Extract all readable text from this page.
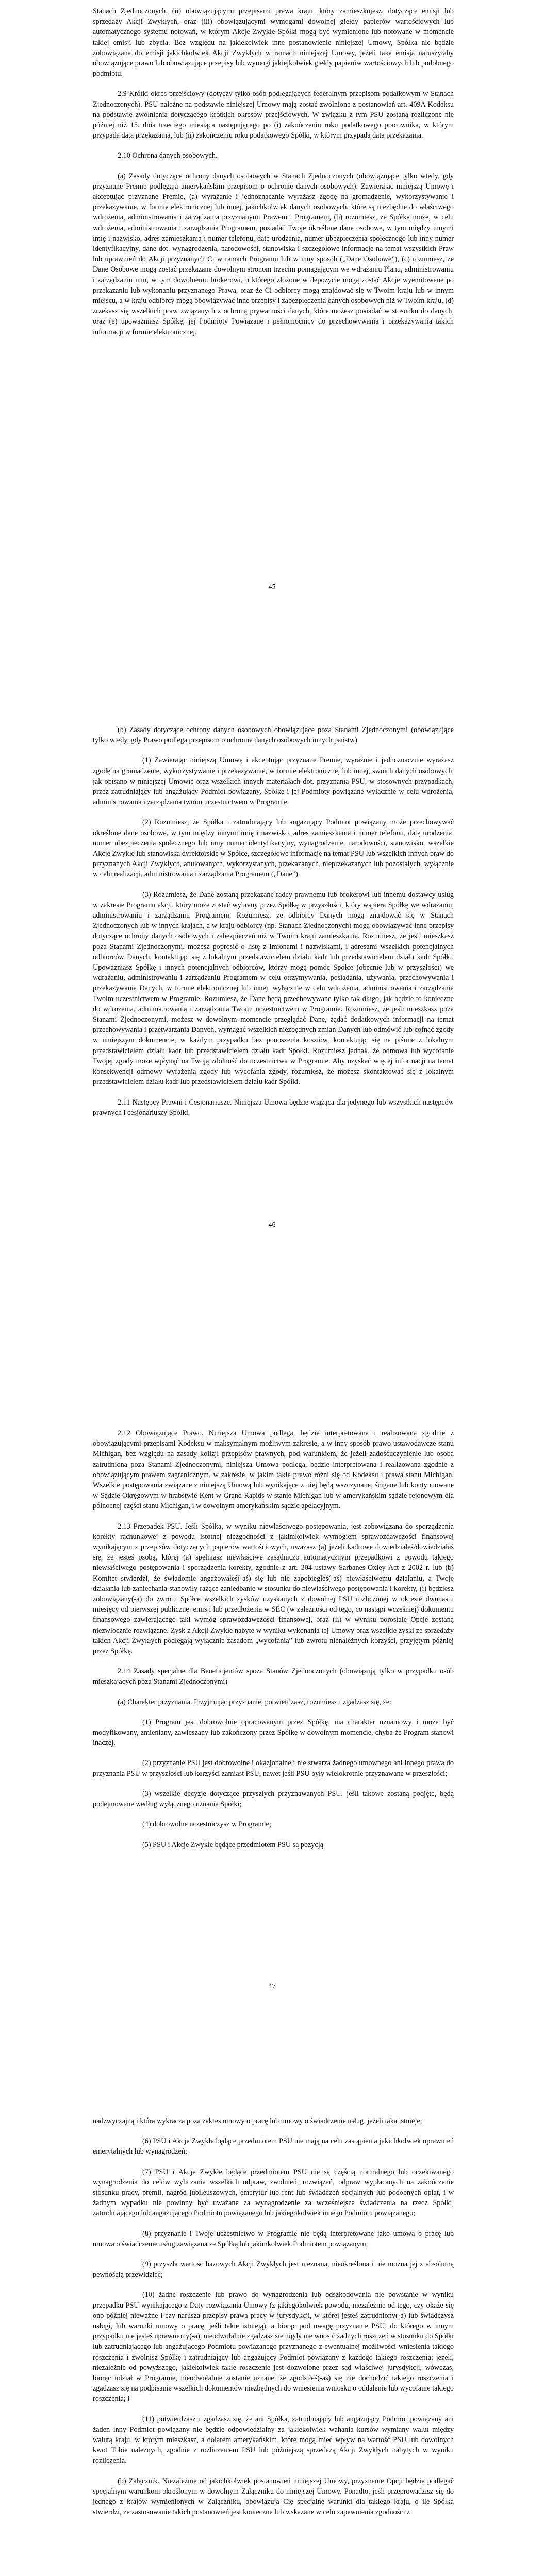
Stanach Zjednoczonych, (ii) obowiązującymi przepisami prawa kraju, który zamieszkujesz, dotyczące emisji lub sprzedaży Akcji Zwykłych, oraz (iii) obowiązującymi wymogami dowolnej giełdy papierów wartościowych lub automatycznego systemu notowań, w którym Akcje Zwykłe Spółki mogą być wymienione lub notowane w momencie takiej emisji lub zbycia. Bez względu na jakiekolwiek inne postanowienie niniejszej Umowy, Spółka nie będzie zobowiązana do emisji jakichkolwiek Akcji Zwykłych w ramach niniejszej Umowy, jeżeli taka emisja naruszyłaby obowiązujące prawo lub obowiązujące przepisy lub wymogi jakiejkolwiek giełdy papierów wartościowych lub podobnego podmiotu.

2.9 Krótki okres przejściowy (dotyczy tylko osób podlegających federalnym przepisom podatkowym w Stanach Zjednoczonych). PSU należne na podstawie niniejszej Umowy mają zostać zwolnione z postanowień art. 409A Kodeksu na podstawie zwolnienia dotyczącego krótkich okresów przejściowych. W związku z tym PSU zostaną rozliczone nie później niż 15. dnia trzeciego miesiąca następującego po (i) zakończeniu roku podatkowego pracownika, w którym przypada data przekazania, lub (ii) zakończeniu roku podatkowego Spółki, w którym przypada data przekazania.

2.10 Ochrona danych osobowych.

(a) Zasady dotyczące ochrony danych osobowych w Stanach Zjednoczonych (obowiązujące tylko wtedy, gdy przyznane Premie podlegają amerykańskim przepisom o ochronie danych osobowych). Zawierając niniejszą Umowę i akceptując przyznane Premie, (a) wyrażanie i jednoznacznie wyrażasz zgodę na gromadzenie, wykorzystywanie i przekazywanie, w formie elektronicznej lub innej, jakichkolwiek danych osobowych, które są niezbędne do właściwego wdrożenia, administrowania i zarządzania przyznanymi Prawem i Programem, (b) rozumiesz, że Spółka może, w celu wdrożenia, administrowania i zarządzania Programem, posiadać Twoje określone dane osobowe, w tym między innymi imię i nazwisko, adres zamieszkania i numer telefonu, datę urodzenia, numer ubezpieczenia społecznego lub inny numer identyfikacyjny, dane dot. wynagrodzenia, narodowości, stanowiska i szczegółowe informacje na temat wszystkich Praw lub uprawnień do Akcji przyznanych Ci w ramach Programu lub w inny sposób („Dane Osobowe”), (c) rozumiesz, że Dane Osobowe mogą zostać przekazane dowolnym stronom trzecim pomagającym we wdrażaniu Planu, administrowaniu i zarządzaniu nim, w tym dowolnemu brokerowi, u którego złożone w depozycie mogą zostać Akcje wyemitowane po przekazaniu lub wykonaniu przyznanego Prawa, oraz że Ci odbiorcy mogą znajdować się w Twoim kraju lub w innym miejscu, a w kraju odbiorcy mogą obowiązywać inne przepisy i zabezpieczenia danych osobowych niż w Twoim kraju, (d) zrzekasz się wszelkich praw związanych z ochroną prywatności danych, które możesz posiadać w stosunku do danych, oraz (e) upoważniasz Spółkę, jej Podmioty Powiązane i pełnomocnicy do przechowywania i przekazywania takich informacji w formie elektronicznej.

45

(b) Zasady dotyczące ochrony danych osobowych obowiązujące poza Stanami Zjednoczonymi (obowiązujące tylko wtedy, gdy Prawo podlega przepisom o ochronie danych osobowych innych państw)

(1) Zawierając niniejszą Umowę i akceptując przyznane Premie, wyraźnie i jednoznacznie wyrażasz zgodę na gromadzenie, wykorzystywanie i przekazywanie, w formie elektronicznej lub innej, swoich danych osobowych, jak opisano w niniejszej Umowie oraz wszelkich innych materiałach dot. przyznania PSU, w stosownych przypadkach, przez zatrudniający lub angażujący Podmiot powiązany, Spółkę i jej Podmioty powiązane wyłącznie w celu wdrożenia, administrowania i zarządzania twoim uczestnictwem w Programie.

(2) Rozumiesz, że Spółka i zatrudniający lub angażujący Podmiot powiązany może przechowywać określone dane osobowe, w tym między innymi imię i nazwisko, adres zamieszkania i numer telefonu, datę urodzenia, numer ubezpieczenia społecznego lub inny numer identyfikacyjny, wynagrodzenie, narodowości, stanowisko, wszelkie Akcje Zwykłe lub stanowiska dyrektorskie w Spółce, szczegółowe informacje na temat PSU lub wszelkich innych praw do przyznanych Akcji Zwykłych, anulowanych, wykorzystanych, przekazanych, nieprzekazanych lub pozostałych, wyłącznie w celu realizacji, administrowania i zarządzania Programem („Dane”).

(3) Rozumiesz, że Dane zostaną przekazane radcy prawnemu lub brokerowi lub innemu dostawcy usług w zakresie Programu akcji, który może zostać wybrany przez Spółkę w przyszłości, który wspiera Spółkę we wdrażaniu, administrowaniu i zarządzaniu Programem. Rozumiesz, że odbiorcy Danych mogą znajdować się w Stanach Zjednoczonych lub w innych krajach, a w kraju odbiorcy (np. Stanach Zjednoczonych) mogą obowiązywać inne przepisy dotyczące ochrony danych osobowych i zabezpieczeń niż w Twoim kraju zamieszkania. Rozumiesz, że jeśli mieszkasz poza Stanami Zjednoczonymi, możesz poprosić o listę z imionami i nazwiskami, i adresami wszelkich potencjalnych odbiorców Danych, kontaktując się z lokalnym przedstawicielem działu kadr lub przedstawicielem działu kadr Spółki. Upoważniasz Spółkę i innych potencjalnych odbiorców, którzy mogą pomóc Spółce (obecnie lub w przyszłości) we wdrażaniu, administrowaniu i zarządzaniu Programem w celu otrzymywania, posiadania, używania, przechowywania i przekazywania Danych, w formie elektronicznej lub innej, wyłącznie w celu wdrożenia, administrowania i zarządzania Twoim uczestnictwem w Programie. Rozumiesz, że Dane będą przechowywane tylko tak długo, jak będzie to konieczne do wdrożenia, administrowania i zarządzania Twoim uczestnictwem w Programie. Rozumiesz, że jeśli mieszkasz poza Stanami Zjednoczonymi, możesz w dowolnym momencie przeglądać Dane, żądać dodatkowych informacji na temat przechowywania i przetwarzania Danych, wymagać wszelkich niezbędnych zmian Danych lub odmówić lub cofnąć zgody w niniejszym dokumencie, w każdym przypadku bez ponoszenia kosztów, kontaktując się na piśmie z lokalnym przedstawicielem działu kadr lub przedstawicielem działu kadr Spółki. Rozumiesz jednak, że odmowa lub wycofanie Twojej zgody może wpłynąć na Twoją zdolność do uczestnictwa w Programie. Aby uzyskać więcej informacji na temat konsekwencji odmowy wyrażenia zgody lub wycofania zgody, rozumiesz, że możesz skontaktować się z lokalnym przedstawicielem działu kadr lub przedstawicielem działu kadr Spółki.

2.11 Następcy Prawni i Cesjonariusze. Niniejsza Umowa będzie wiążąca dla jedynego lub wszystkich następców prawnych i cesjonariuszy Spółki.

46

2.12 Obowiązujące Prawo. Niniejsza Umowa podlega, będzie interpretowana i realizowana zgodnie z obowiązującymi przepisami Kodeksu w maksymalnym możliwym zakresie, a w inny sposób prawo ustawodawcze stanu Michigan, bez względu na zasady kolizji przepisów prawnych, pod warunkiem, że jeżeli zadośćuczynienie lub osoba zatrudniona poza Stanami Zjednoczonymi, niniejsza Umowa podlega, będzie interpretowana i realizowana zgodnie z obowiązującym prawem zagranicznym, w zakresie, w jakim takie prawo różni się od Kodeksu i prawa stanu Michigan. Wszelkie postępowania związane z niniejszą Umową lub wynikające z niej będą wszczynane, ścigane lub kontynuowane w Sądzie Okręgowym w hrabstwie Kent w Grand Rapids w stanie Michigan lub w amerykańskim sądzie rejonowym dla północnej części stanu Michigan, i w dowolnym amerykańskim sądzie apelacyjnym.

2.13 Przepadek PSU. Jeśli Spółka, w wyniku niewłaściwego postępowania, jest zobowiązana do sporządzenia korekty rachunkowej z powodu istotnej niezgodności z jakimkolwiek wymogiem sprawozdawczości finansowej wynikającym z przepisów dotyczących papierów wartościowych, uważasz (a) jeżeli kadrowe dowiedziałeś/dowiedziałaś się, że jesteś osobą, której (a) spełniasz niewłaściwe zasadniczo automatycznym przepadkowi z powodu takiego niewłaściwego postępowania i sporządzenia korekty, zgodnie z art. 304 ustawy Sarbanes-Oxley Act z 2002 r. lub (b) Komitet stwierdzi, że świadomie angażowałeś(-aś) się lub nie zapobiegłeś(-aś) niewłaściwemu działaniu, a Twoje działania lub zaniechania stanowiły rażące zaniedbanie w stosunku do niewłaściwego postępowania i korekty, (i) będziesz zobowiązany(-a) do zwrotu Spółce wszelkich zysków uzyskanych z dowolnej PSU rozliczonej w okresie dwunastu miesięcy od pierwszej publicznej emisji lub przedłożenia w SEC (w zależności od tego, co nastąpi wcześniej) dokumentu finansowego zawierającego taki wymóg sprawozdawczości finansowej, oraz (ii) w wyniku porostałe Opcje zostaną niezwłocznie rozwiązane. Zysk z Akcji Zwykłe nabyte w wyniku wykonania tej Umowy oraz wszelkie zyski ze sprzedaży takich Akcji Zwykłych podlegają wyłącznie zasadom „wycofania” lub zwrotu nienależnych korzyści, przyjętym później przez Spółkę.

2.14 Zasady specjalne dla Beneficjentów spoza Stanów Zjednoczonych (obowiązują tylko w przypadku osób mieszkających poza Stanami Zjednoczonymi)

(a) Charakter przyznania. Przyjmując przyznanie, potwierdzasz, rozumiesz i zgadzasz się, że:

(1) Program jest dobrowolnie opracowanym przez Spółkę, ma charakter uznaniowy i może być modyfikowany, zmieniany, zawieszany lub zakończony przez Spółkę w dowolnym momencie, chyba że Program stanowi inaczej,

(2) przyznanie PSU jest dobrowolne i okazjonalne i nie stwarza żadnego umownego ani innego prawa do przyznania PSU w przyszłości lub korzyści zamiast PSU, nawet jeśli PSU były wielokrotnie przyznawane w przeszłości;

(3) wszelkie decyzje dotyczące przyszłych przyznawanych PSU, jeśli takowe zostaną podjęte, będą podejmowane według wyłącznego uznania Spółki;

(4) dobrowolne uczestniczysz w Programie;

(5) PSU i Akcje Zwykłe będące przedmiotem PSU są pozycją

47

nadzwyczajną i która wykracza poza zakres umowy o pracę lub umowy o świadczenie usług, jeżeli taka istnieje;

(6) PSU i Akcje Zwykłe będące przedmiotem PSU nie mają na celu zastąpienia jakichkolwiek uprawnień emerytalnych lub wynagrodzeń;

(7) PSU i Akcje Zwykłe będące przedmiotem PSU nie są częścią normalnego lub oczekiwanego wynagrodzenia do celów wyliczania wszelkich odpraw, zwolnień, rozwiązań, odpraw wypłacanych na zakończenie stosunku pracy, premii, nagród jubileuszowych, emerytur lub rent lub świadczeń socjalnych lub podobnych opłat, i w żadnym wypadku nie powinny być uważane za wynagrodzenie za wcześniejsze świadczenia na rzecz Spółki, zatrudniającego lub angażującego Podmiotu powiązanego lub jakiegokolwiek innego Podmiotu powiązanego;

(8) przyznanie i Twoje uczestnictwo w Programie nie będą interpretowane jako umowa o pracę lub umowa o świadczenie usług zawiązana ze Spółką lub jakimkolwiek Podmiotem powiązanym;

(9) przyszła wartość bazowych Akcji Zwykłych jest nieznana, nieokreślona i nie można jej z absolutną pewnością przewidzieć;

(10) żadne roszczenie lub prawo do wynagrodzenia lub odszkodowania nie powstanie w wyniku przepadku PSU wynikającego z Daty rozwiązania Umowy (z jakiegokolwiek powodu, niezależnie od tego, czy okaże się ono później nieważne i czy narusza przepisy prawa pracy w jurysdykcji, w której jesteś zatrudniony(-a) lub świadczysz usługi, lub warunki umowy o pracę, jeśli takie istnieją), a biorąc pod uwagę przyznanie PSU, do którego w innym przypadku nie jesteś uprawniony(-a), nieodwołalnie zgadzasz się nigdy nie wnosić żadnych roszczeń w stosunku do Spółki lub zatrudniającego lub angażującego Podmiotu powiązanego przyznanego z ewentualnej możliwości wniesienia takiego roszczenia i zwolnisz Spółkę i zatrudniający lub angażujący Podmiot powiązany z każdego takiego roszczenia; jeżeli, niezależnie od powyższego, jakiekolwiek takie roszczenie jest dozwolone przez sąd właściwej jurysdykcji, wówczas, biorąc udział w Programie, nieodwołalnie zostanie uznane, że zgodziłeś(-aś) się nie dochodzić takiego roszczenia i zgadzasz się na podpisanie wszelkich dokumentów niezbędnych do wniesienia wniosku o oddalenie lub wycofanie takiego roszczenia; i

(11) potwierdzasz i zgadzasz się, że ani Spółka, zatrudniający lub angażujący Podmiot powiązany ani żaden inny Podmiot powiązany nie będzie odpowiedzialny za jakiekolwiek wahania kursów wymiany walut między walutą kraju, w którym mieszkasz, a dolarem amerykańskim, które mogą mieć wpływ na wartość PSU lub dowolnych kwot Tobie należnych, zgodnie z rozliczeniem PSU lub późniejszą sprzedażą Akcji Zwykłych nabytych w wyniku rozliczenia.

(b) Załącznik. Niezależnie od jakichkolwiek postanowień niniejszej Umowy, przyznanie Opcji będzie podlegać specjalnym warunkom określonym w dowolnym Załączniku do niniejszej Umowy. Ponadto, jeśli przeprowadzisz się do jednego z krajów wymienionych w Załączniku, obowiązują Cię specjalne warunki dla takiego kraju, o ile Spółka stwierdzi, że zastosowanie takich postanowień jest konieczne lub wskazane w celu zapewnienia zgodności z
